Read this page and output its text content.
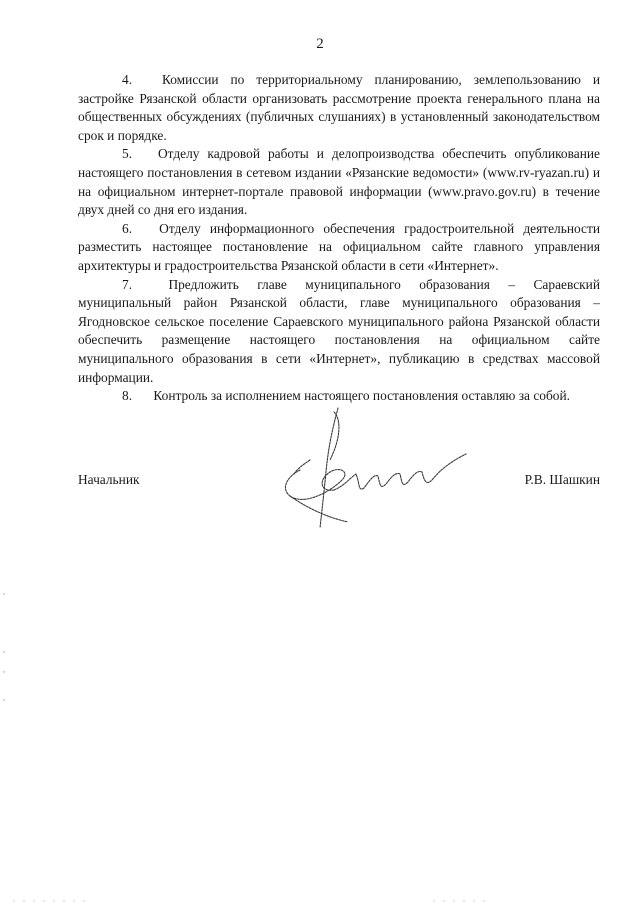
2

4. Комиссии по территориальному планированию, землепользованию и застройке Рязанской области организовать рассмотрение проекта генерального плана на общественных обсуждениях (публичных слушаниях) в установленный законодательством срок и порядке.

5. Отделу кадровой работы и делопроизводства обеспечить опубликование настоящего постановления в сетевом издании «Рязанские ведомости» (www.rv-ryazan.ru) и на официальном интернет-портале правовой информации (www.pravo.gov.ru) в течение двух дней со дня его издания.

6. Отделу информационного обеспечения градостроительной деятельности разместить настоящее постановление на официальном сайте главного управления архитектуры и градостроительства Рязанской области в сети «Интернет».

7.	Предложить главе муниципального образования – Сараевский муниципальный район Рязанской области, главе муниципального образования – Ягодновское сельское поселение Сараевского муниципального района Рязанской области обеспечить размещение настоящего постановления на официальном сайте муниципального образования в сети «Интернет», публикацию в средствах массовой информации.

8. Контроль за исполнением настоящего постановления оставляю за собой.

Начальник	Р.В. Шашкин
